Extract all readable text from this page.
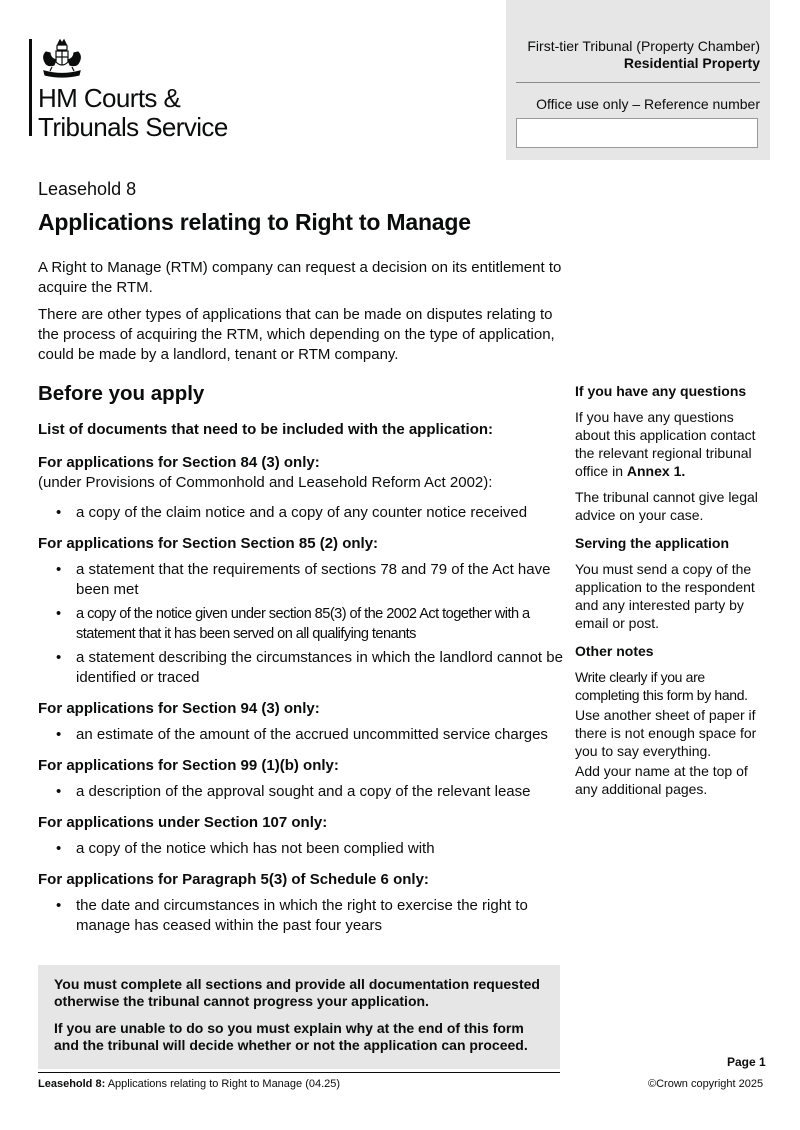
HM Courts &
Tribunals Service
First-tier Tribunal (Property Chamber)
Residential Property
Office use only – Reference number
Leasehold 8
Applications relating to Right to Manage

A Right to Manage (RTM) company can request a decision on its entitlement to acquire the RTM.

There are other types of applications that can be made on disputes relating to the process of acquiring the RTM, which depending on the type of application, could be made by a landlord, tenant or RTM company.

Before you apply

List of documents that need to be included with the application:

For applications for Section 84 (3) only:

(under Provisions of Commonhold and Leasehold Reform Act 2002):

• a copy of the claim notice and a copy of any counter notice received

For applications for Section Section 85 (2) only:

• a statement that the requirements of sections 78 and 79 of the Act have been met
• a copy of the notice given under section 85(3) of the 2002 Act together with a statement that it has been served on all qualifying tenants
• a statement describing the circumstances in which the landlord cannot be identified or traced

For applications for Section 94 (3) only:

• an estimate of the amount of the accrued uncommitted service charges

For applications for Section 99 (1)(b) only:

• a description of the approval sought and a copy of the relevant lease

For applications under Section 107 only:

• a copy of the notice which has not been complied with

For applications for Paragraph 5(3) of Schedule 6 only:

• the date and circumstances in which the right to exercise the right to manage has ceased within the past four years

You must complete all sections and provide all documentation requested otherwise the tribunal cannot progress your application.

If you are unable to do so you must explain why at the end of this form and the tribunal will decide whether or not the application can proceed.

If you have any questions

If you have any questions about this application contact the relevant regional tribunal office in Annex 1.

The tribunal cannot give legal advice on your case.

Serving the application

You must send a copy of the application to the respondent and any interested party by email or post.

Other notes

Write clearly if you are completing this form by hand.

Use another sheet of paper if there is not enough space for you to say everything.

Add your name at the top of any additional pages.

Page 1
Leasehold 8: Applications relating to Right to Manage (04.25)	©Crown copyright 2025
